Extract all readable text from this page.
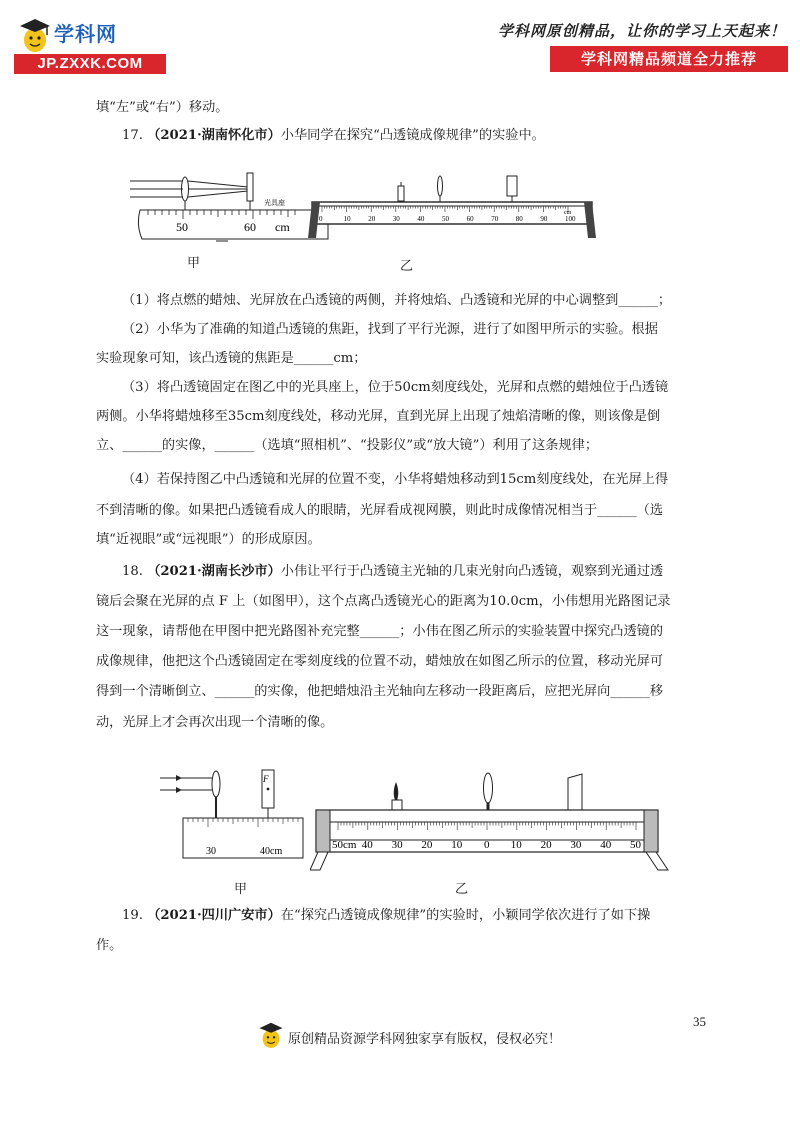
学科网
JP.ZXXK.COM
学科网原创精品，让你的学习上天起来！
学科网精品频道全力推荐
填“左”或“右”）移动。
17. （2021·湖南怀化市）小华同学在探究“凸透镜成像规律”的实验中。
（1）将点燃的蜡烛、光屏放在凸透镜的两侧，并将烛焰、凸透镜和光屏的中心调整到______；
（2）小华为了准确的知道凸透镜的焦距，找到了平行光源，进行了如图甲所示的实验。根据
实验现象可知，该凸透镜的焦距是______cm；
（3）将凸透镜固定在图乙中的光具座上，位于50cm刻度线处，光屏和点燃的蜡烛位于凸透镜
两侧。小华将蜡烛移至35cm刻度线处，移动光屏，直到光屏上出现了烛焰清晰的像，则该像是倒
立、______的实像，______（选填“照相机”、“投影仪”或“放大镜”）利用了这条规律；
（4）若保持图乙中凸透镜和光屏的位置不变，小华将蜡烛移动到15cm刻度线处，在光屏上得
不到清晰的像。如果把凸透镜看成人的眼睛，光屏看成视网膜，则此时成像情况相当于______（选
填“近视眼”或“远视眼”）的形成原因。
18. （2021·湖南长沙市）小伟让平行于凸透镜主光轴的几束光射向凸透镜，观察到光通过透
镜后会聚在光屏的点 F 上（如图甲），这个点离凸透镜光心的距离为10.0cm，小伟想用光路图记录
这一现象，请帮他在甲图中把光路图补充完整______；小伟在图乙所示的实验装置中探究凸透镜的
成像规律，他把这个凸透镜固定在零刻度线的位置不动，蜡烛放在如图乙所示的位置，移动光屏可
得到一个清晰倒立、______的实像，他把蜡烛沿主光轴向左移动一段距离后，应把光屏向______移
动，光屏上才会再次出现一个清晰的像。
19. （2021·四川广安市）在“探究凸透镜成像规律”的实验时，小颖同学依次进行了如下操
作。
50	60 cm
光具座
甲
0	10	20	30	40	50	60	70	80	90	100
cm
乙
F
30	40cm
甲
50cm 40 30 20 10 0 10 20 30 40 50
乙
35
原创精品资源学科网独家享有版权，侵权必究！
